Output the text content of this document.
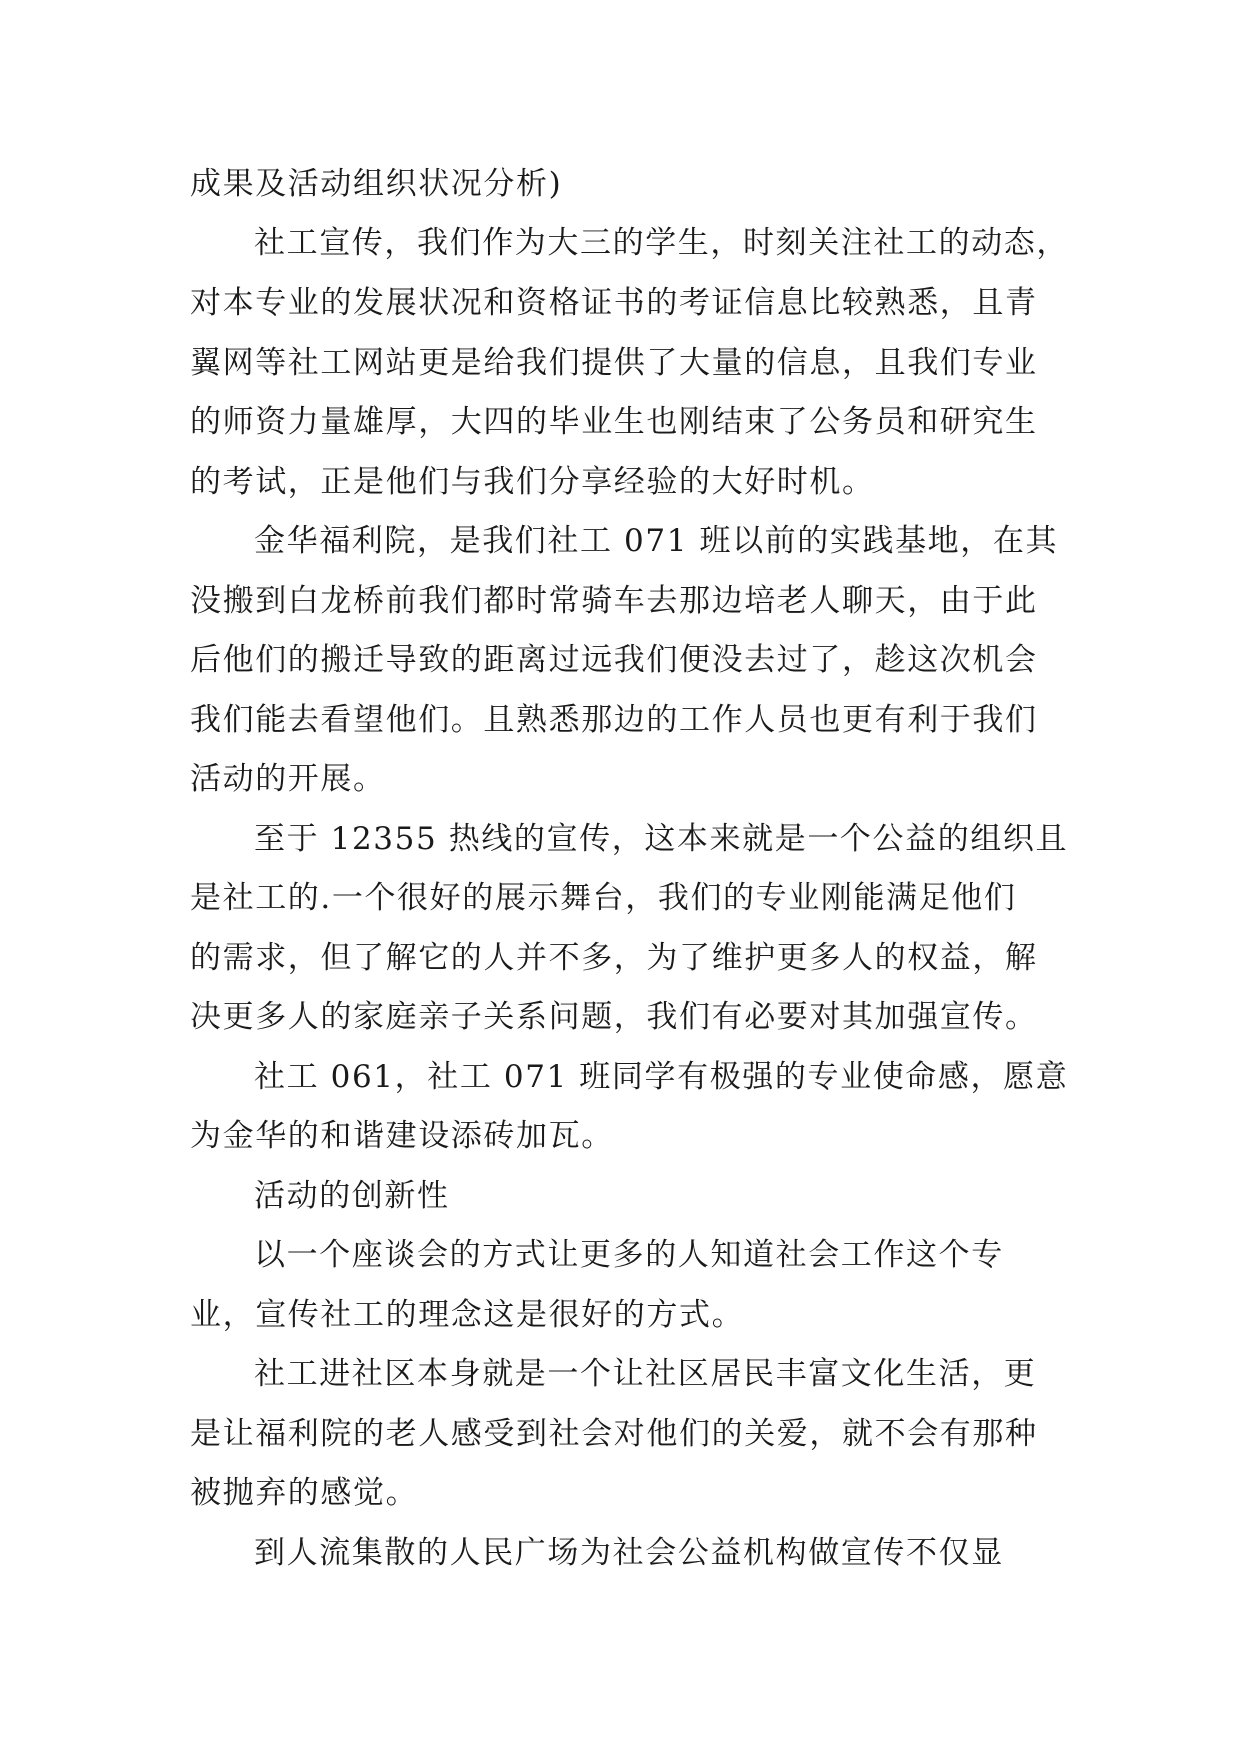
成果及活动组织状况分析)
社工宣传，我们作为大三的学生，时刻关注社工的动态，
对本专业的发展状况和资格证书的考证信息比较熟悉，且青
翼网等社工网站更是给我们提供了大量的信息，且我们专业
的师资力量雄厚，大四的毕业生也刚结束了公务员和研究生
的考试，正是他们与我们分享经验的大好时机。
金华福利院，是我们社工 071 班以前的实践基地，在其
没搬到白龙桥前我们都时常骑车去那边培老人聊天，由于此
后他们的搬迁导致的距离过远我们便没去过了，趁这次机会
我们能去看望他们。且熟悉那边的工作人员也更有利于我们
活动的开展。
至于 12355 热线的宣传，这本来就是一个公益的组织且
是社工的.一个很好的展示舞台，我们的专业刚能满足他们
的需求，但了解它的人并不多，为了维护更多人的权益，解
决更多人的家庭亲子关系问题，我们有必要对其加强宣传。
社工 061，社工 071 班同学有极强的专业使命感，愿意
为金华的和谐建设添砖加瓦。
活动的创新性
以一个座谈会的方式让更多的人知道社会工作这个专
业，宣传社工的理念这是很好的方式。
社工进社区本身就是一个让社区居民丰富文化生活，更
是让福利院的老人感受到社会对他们的关爱，就不会有那种
被抛弃的感觉。
到人流集散的人民广场为社会公益机构做宣传不仅显
